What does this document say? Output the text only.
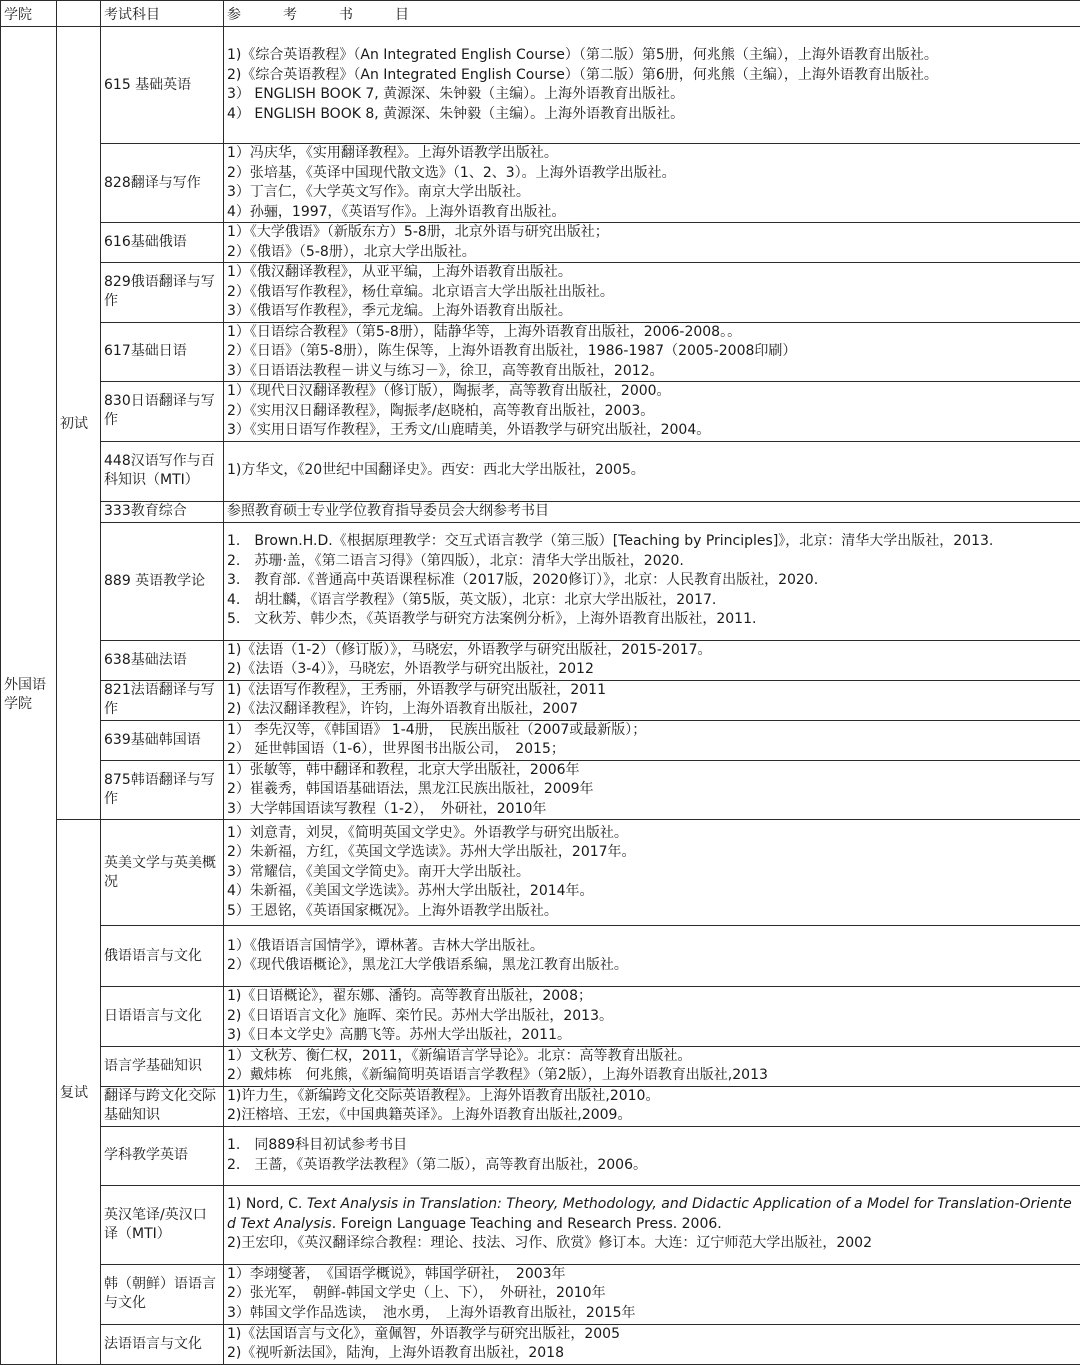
学院		考试科目	参　考　书　目
外国语学院	初试	615 基础英语	1)《综合英语教程》（An Integrated English Course）（第二版）第5册，何兆熊（主编），上海外语教育出版社。
2)《综合英语教程》（An Integrated English Course）（第二版）第6册，何兆熊（主编），上海外语教育出版社。
3） ENGLISH BOOK 7, 黄源深、朱钟毅（主编）。上海外语教育出版社。
4） ENGLISH BOOK 8, 黄源深、朱钟毅（主编）。上海外语教育出版社。

		828翻译与写作	1）冯庆华，《实用翻译教程》。上海外语教学出版社。
2）张培基，《英译中国现代散文选》（1、2、3）。上海外语教学出版社。
3）丁言仁，《大学英文写作》。南京大学出版社。
4）孙骊，1997，《英语写作》。上海外语教育出版社。

		616基础俄语	1）《大学俄语》（新版东方）5-8册，北京外语与研究出版社；
2）《俄语》（5-8册），北京大学出版社。

		829俄语翻译与写作	1）《俄汉翻译教程》，从亚平编，上海外语教育出版社。
2）《俄语写作教程》，杨仕章编。北京语言大学出版社出版社。
3）《俄语写作教程》，季元龙编。上海外语教育出版社。

		617基础日语	1）《日语综合教程》（第5-8册），陆静华等，上海外语教育出版社，2006-2008。。
2）《日语》（第5-8册），陈生保等，上海外语教育出版社，1986-1987（2005-2008印刷）
3）《日语语法教程－讲义与练习－》，徐卫，高等教育出版社，2012。

		830日语翻译与写作	1）《现代日汉翻译教程》（修订版），陶振孝，高等教育出版社，2000。
2）《实用汉日翻译教程》，陶振孝/赵晓柏，高等教育出版社，2003。
3）《实用日语写作教程》，王秀文/山鹿晴美，外语教学与研究出版社，2004。

		448汉语写作与百科知识（MTI）	1)方华文，《20世纪中国翻译史》。西安：西北大学出版社，2005。

		333教育综合	参照教育硕士专业学位教育指导委员会大纲参考书目

		889 英语教学论	1.　Brown.H.D.《根据原理教学：交互式语言教学（第三版）[Teaching by Principles]》，北京：清华大学出版社，2013.
2.　苏珊·盖，《第二语言习得》（第四版），北京：清华大学出版社，2020.
3.　教育部.《普通高中英语课程标准（2017版，2020修订）》，北京：人民教育出版社，2020.
4.　胡壮麟，《语言学教程》（第5版，英文版），北京：北京大学出版社，2017.
5.　文秋芳、韩少杰，《英语教学与研究方法案例分析》，上海外语教育出版社，2011.

		638基础法语	1)《法语（1-2）（修订版）》，马晓宏，外语教学与研究出版社，2015-2017。
2)《法语（3-4）》，马晓宏，外语教学与研究出版社，2012

		821法语翻译与写作	1)《法语写作教程》，王秀丽，外语教学与研究出版社，2011
2)《法汉翻译教程》，许钧，上海外语教育出版社，2007

		639基础韩国语	1） 李先汉等，《韩国语》 1-4册，　民族出版社（2007或最新版）；
2） 延世韩国语（1-6），世界图书出版公司，　2015；

		875韩语翻译与写作	1）张敏等，韩中翻译和教程，北京大学出版社，2006年
2）崔羲秀，韩国语基础语法，黑龙江民族出版社，2009年
3）大学韩国语读写教程（1-2），　外研社，2010年

	复试	英美文学与英美概况	1）刘意青，刘炅，《简明英国文学史》。外语教学与研究出版社。
2）朱新福，方红，《英国文学选读》。苏州大学出版社，2017年。
3）常耀信，《美国文学简史》。南开大学出版社。
4）朱新福，《美国文学选读》。苏州大学出版社，2014年。
5）王恩铭，《英语国家概况》。上海外语教学出版社。

		俄语语言与文化	1）《俄语语言国情学》，谭林著。吉林大学出版社。
2）《现代俄语概论》，黑龙江大学俄语系编，黑龙江教育出版社。

		日语语言与文化	1)《日语概论》，翟东娜、潘钧。高等教育出版社，2008；
2)《日语语言文化》施晖、栾竹民。苏州大学出版社，2013。
3)《日本文学史》高鹏飞等。苏州大学出版社，2011。

		语言学基础知识	1）文秋芳、衡仁权，2011，《新编语言学导论》。北京：高等教育出版社。
2）戴炜栋　何兆熊，《新编简明英语语言学教程》（第2版），上海外语教育出版社,2013

		翻译与跨文化交际基础知识	1)许力生，《新编跨文化交际英语教程》。上海外语教育出版社,2010。
2)汪榕培、王宏，《中国典籍英译》。上海外语教育出版社,2009。

		学科教学英语	1.　同889科目初试参考书目
2.　王蔷，《英语教学法教程》（第二版），高等教育出版社，2006。

		英汉笔译/英汉口译（MTI）	1) Nord, C. Text Analysis in Translation: Theory, Methodology, and Didactic Application of a Model for Translation-Oriented Text Analysis. Foreign Language Teaching and Research Press. 2006.
2)王宏印，《英汉翻译综合教程：理论、技法、习作、欣赏》修订本。大连：辽宁师范大学出版社，2002

		韩（朝鲜）语语言与文化	1）李翊燮著，　《国语学概说》，韩国学研社，　2003年
2）张光军，　朝鲜-韩国文学史（上、下），　外研社，2010年
3）韩国文学作品选读，　池水勇，　上海外语教育出版社，2015年

		法语语言与文化	1)《法国语言与文化》，童佩智，外语教学与研究出版社，2005
2)《视听新法国》，陆洵，上海外语教育出版社，2018
